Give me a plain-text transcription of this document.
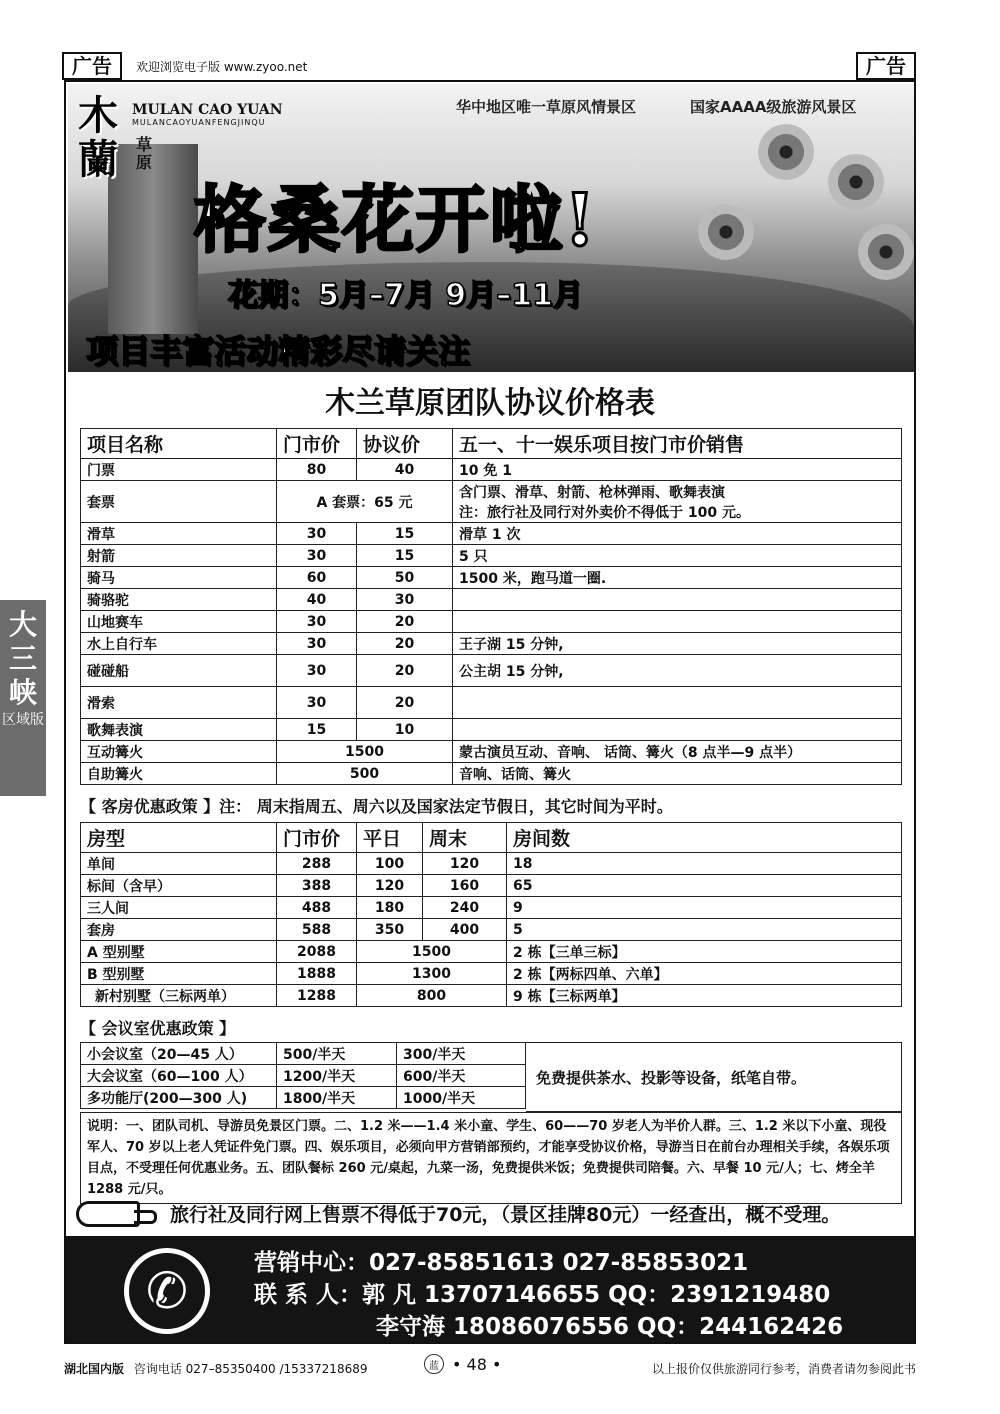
广告	欢迎浏览电子版 www.zyoo.net	广告
木蘭	草原
MULAN CAO YUAN
MULANCAOYUANFENGJINQU
华中地区唯一草原风情景区	国家AAAA级旅游风景区
格桑花开啦!
花期：5月–7月 9月–11月
项目丰富活动精彩尽请关注
木兰草原团队协议价格表
项目名称	门市价	协议价	五一、十一娱乐项目按门市价销售
门票	80	40	10 免 1
套票	A 套票：65 元		含门票、滑草、射箭、枪林弹雨、歌舞表演
注：旅行社及同行对外卖价不得低于 100 元。

滑草	30	15	滑草 1 次
射箭	30	15	5 只
骑马	60	50	1500 米，跑马道一圈.
骑骆驼	40	30	
山地赛车	30	20	
水上自行车	30	20	王子湖 15 分钟,
碰碰船	30	20	公主胡 15 分钟,
滑索	30	20	
歌舞表演	15	10	
互动篝火	1500		蒙古演员互动、音响、 话筒、篝火（8 点半—9 点半）
自助篝火	500		音响、话筒、篝火
【 客房优惠政策 】注： 周末指周五、周六以及国家法定节假日，其它时间为平时。
房型	门市价	平日	周末	房间数
单间	288	100	120	18
标间（含早）	388	120	160	65
三人间	488	180	240	9
套房	588	350	400	5
A 型别墅	2088	1500		2 栋【三单三标】
B 型别墅	1888	1300		2 栋【两标四单、六单】
新村别墅（三标两单）	1288	800		9 栋【三标两单】
【 会议室优惠政策 】
小会议室（20—45 人）	500/半天	300/半天
大会议室（60—100 人）	1200/半天	600/半天
多功能厅(200—300 人)	1800/半天	1000/半天
免费提供茶水、投影等设备，纸笔自带。
说明：一、团队司机、导游员免景区门票。二、1.2 米——1.4 米小童、学生、60——70 岁老人为半价人群。三、1.2 米以下小童、现役军人、70 岁以上老人凭证件免门票。四、娱乐项目，必须向甲方营销部预约，才能享受协议价格，导游当日在前台办理相关手续，各娱乐项目点，不受理任何优惠业务。五、团队餐标 260 元/桌起，九菜一汤，免费提供米饭；免费提供司陪餐。六、早餐 10 元/人；七、烤全羊 1288 元/只。
旅行社及同行网上售票不得低于70元，（景区挂牌80元）一经查出，概不受理。
✆	营销中心：027-85851613 027-85853021
联 系 人：郭 凡 13707146655 QQ：2391219480
李守海 18086076556 QQ：244162426
大三峡
区域版
湖北国内版 咨询电话 027–85350400 /15337218689	蓝 • 48 •	以上报价仅供旅游同行参考，消费者请勿参阅此书
